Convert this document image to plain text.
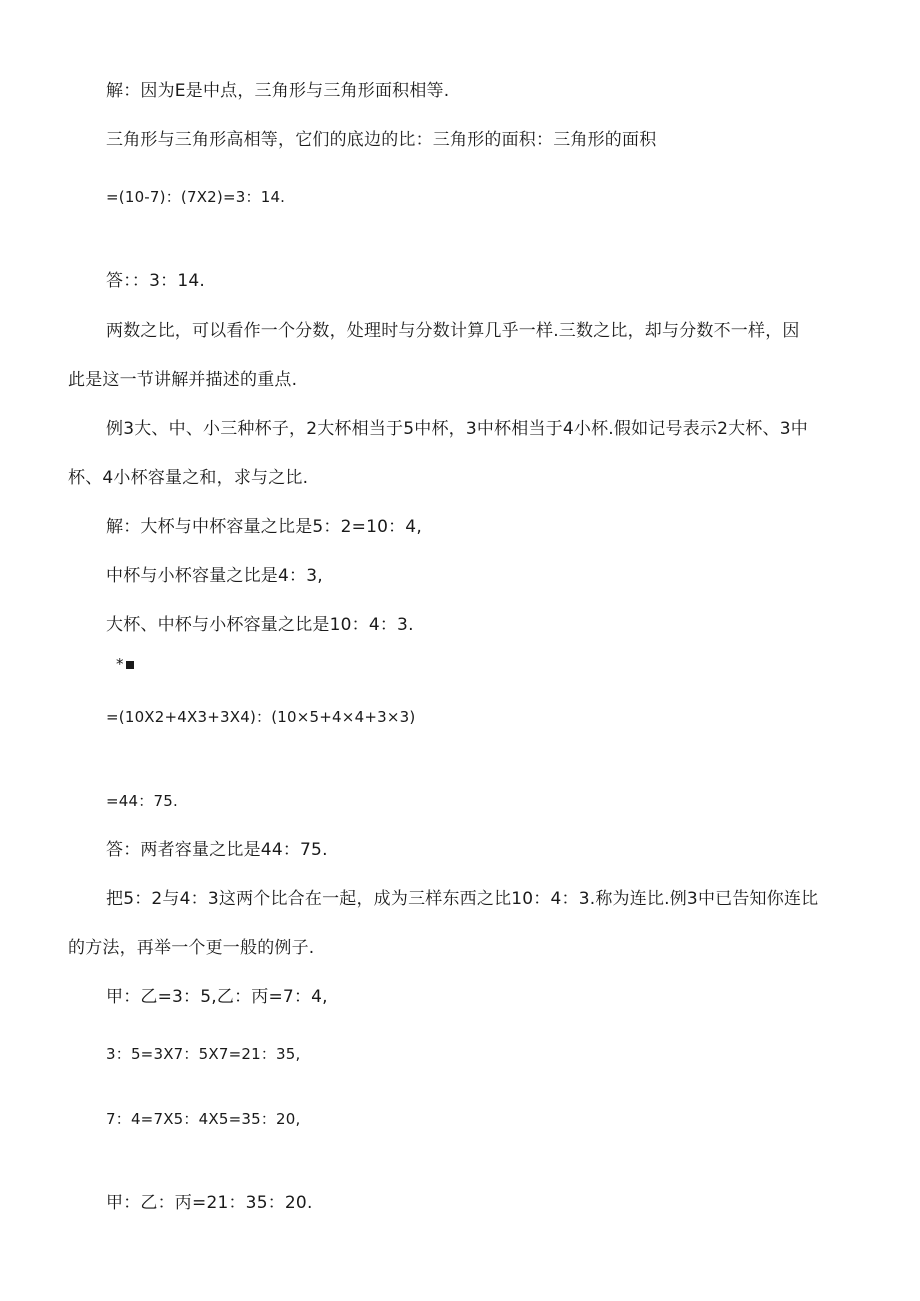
解：因为E是中点，三角形与三角形面积相等.
三角形与三角形高相等，它们的底边的比：三角形的面积：三角形的面积
=(10-7)：(7X2)=3：14.
答：：3：14.
两数之比，可以看作一个分数，处理时与分数计算几乎一样.三数之比，却与分数不一样，因
此是这一节讲解并描述的重点.
例3大、中、小三种杯子，2大杯相当于5中杯，3中杯相当于4小杯.假如记号表示2大杯、3中
杯、4小杯容量之和，求与之比.
解：大杯与中杯容量之比是5：2=10：4,
中杯与小杯容量之比是4：3,
大杯、中杯与小杯容量之比是10：4：3.
*
=(10X2+4X3+3X4)：(10×5+4×4+3×3)
=44：75.
答：两者容量之比是44：75.
把5：2与4：3这两个比合在一起，成为三样东西之比10：4：3.称为连比.例3中已告知你连比
的方法，再举一个更一般的例子.
甲：乙=3：5,乙：丙=7：4,
3：5=3X7：5X7=21：35,
7：4=7X5：4X5=35：20,
甲：乙：丙=21：35：20.
